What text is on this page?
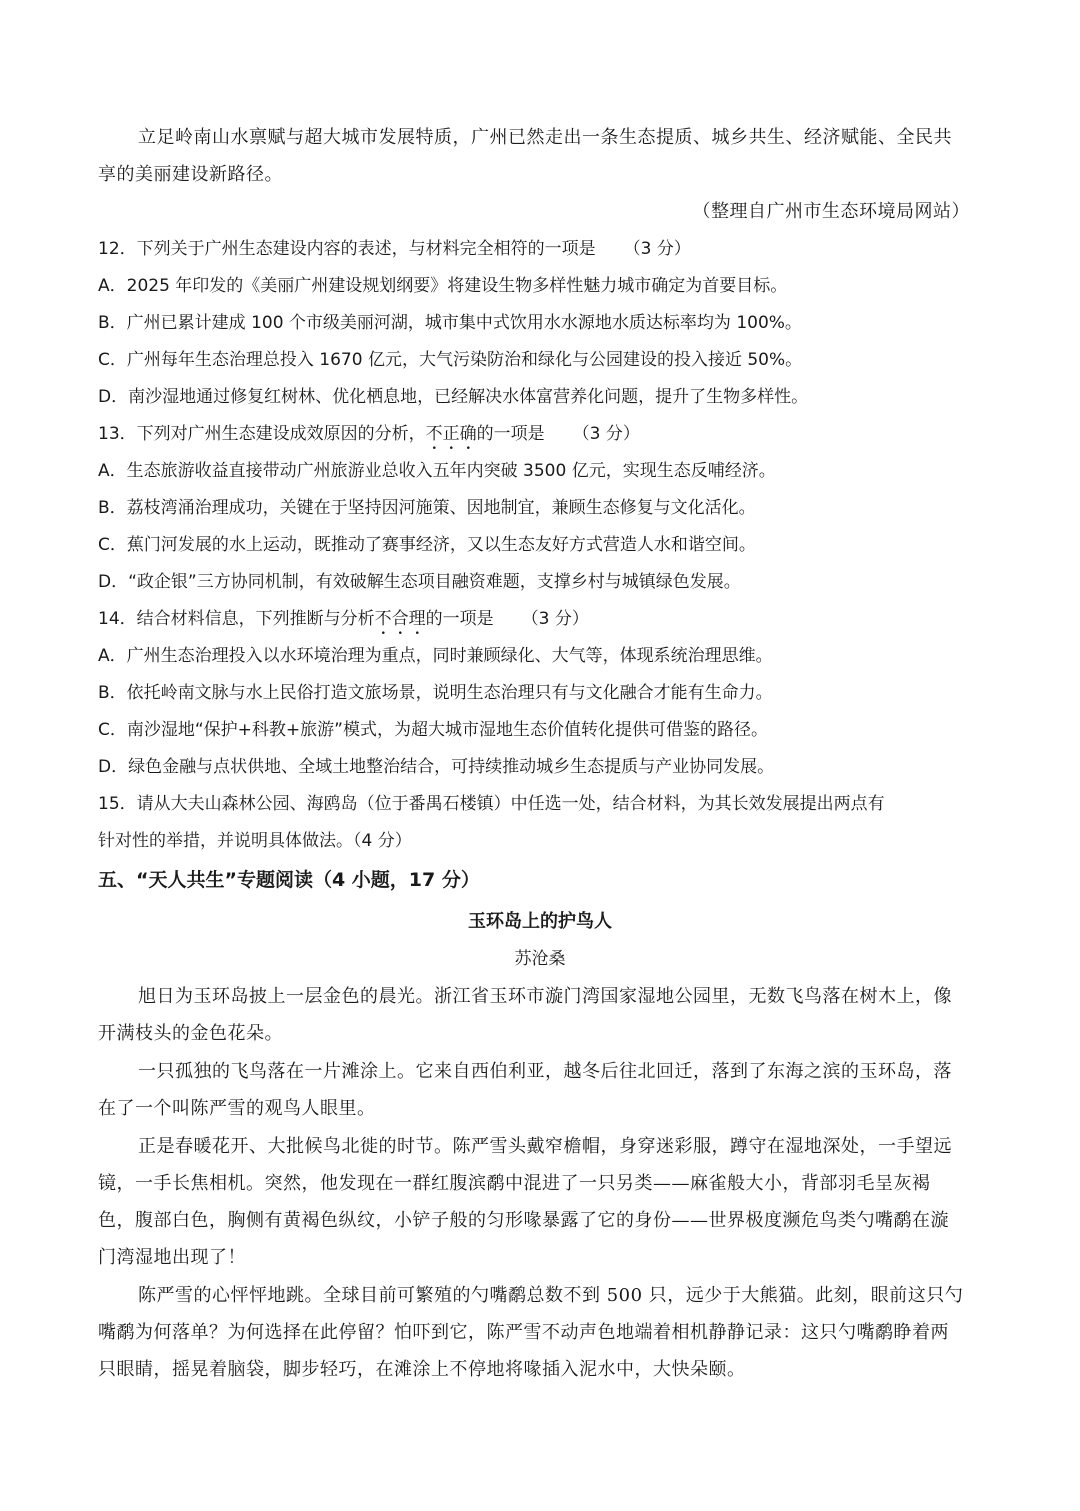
立足岭南山水禀赋与超大城市发展特质，广州已然走出一条生态提质、城乡共生、经济赋能、全民共
享的美丽建设新路径。
（整理自广州市生态环境局网站）
12．下列关于广州生态建设内容的表述，与材料完全相符的一项是 （3 分）
A．2025 年印发的《美丽广州建设规划纲要》将建设生物多样性魅力城市确定为首要目标。
B．广州已累计建成 100 个市级美丽河湖，城市集中式饮用水水源地水质达标率均为 100%。
C．广州每年生态治理总投入 1670 亿元，大气污染防治和绿化与公园建设的投入接近 50%。
D．南沙湿地通过修复红树林、优化栖息地，已经解决水体富营养化问题，提升了生物多样性。
13．下列对广州生态建设成效原因的分析，不正确的一项是 （3 分）
A．生态旅游收益直接带动广州旅游业总收入五年内突破 3500 亿元，实现生态反哺经济。
B．荔枝湾涌治理成功，关键在于坚持因河施策、因地制宜，兼顾生态修复与文化活化。
C．蕉门河发展的水上运动，既推动了赛事经济，又以生态友好方式营造人水和谐空间。
D．“政企银”三方协同机制，有效破解生态项目融资难题，支撑乡村与城镇绿色发展。
14．结合材料信息，下列推断与分析不合理的一项是 （3 分）
A．广州生态治理投入以水环境治理为重点，同时兼顾绿化、大气等，体现系统治理思维。
B．依托岭南文脉与水上民俗打造文旅场景，说明生态治理只有与文化融合才能有生命力。
C．南沙湿地“保护+科教+旅游”模式，为超大城市湿地生态价值转化提供可借鉴的路径。
D．绿色金融与点状供地、全域土地整治结合，可持续推动城乡生态提质与产业协同发展。
15．请从大夫山森林公园、海鸥岛（位于番禺石楼镇）中任选一处，结合材料，为其长效发展提出两点有
针对性的举措，并说明具体做法。（4 分）
五、“天人共生”专题阅读（4 小题，17 分）
玉环岛上的护鸟人
苏沧桑
旭日为玉环岛披上一层金色的晨光。浙江省玉环市漩门湾国家湿地公园里，无数飞鸟落在树木上，像
开满枝头的金色花朵。
一只孤独的飞鸟落在一片滩涂上。它来自西伯利亚，越冬后往北回迁，落到了东海之滨的玉环岛，落
在了一个叫陈严雪的观鸟人眼里。
正是春暖花开、大批候鸟北徙的时节。陈严雪头戴窄檐帽，身穿迷彩服，蹲守在湿地深处，一手望远
镜，一手长焦相机。突然，他发现在一群红腹滨鹬中混进了一只另类——麻雀般大小，背部羽毛呈灰褐
色，腹部白色，胸侧有黄褐色纵纹，小铲子般的匀形喙暴露了它的身份——世界极度濒危鸟类勺嘴鹬在漩
门湾湿地出现了！
陈严雪的心怦怦地跳。全球目前可繁殖的勺嘴鹬总数不到 500 只，远少于大熊猫。此刻，眼前这只勺
嘴鹬为何落单？为何选择在此停留？怕吓到它，陈严雪不动声色地端着相机静静记录：这只勺嘴鹬睁着两
只眼睛，摇晃着脑袋，脚步轻巧，在滩涂上不停地将喙插入泥水中，大快朵颐。
